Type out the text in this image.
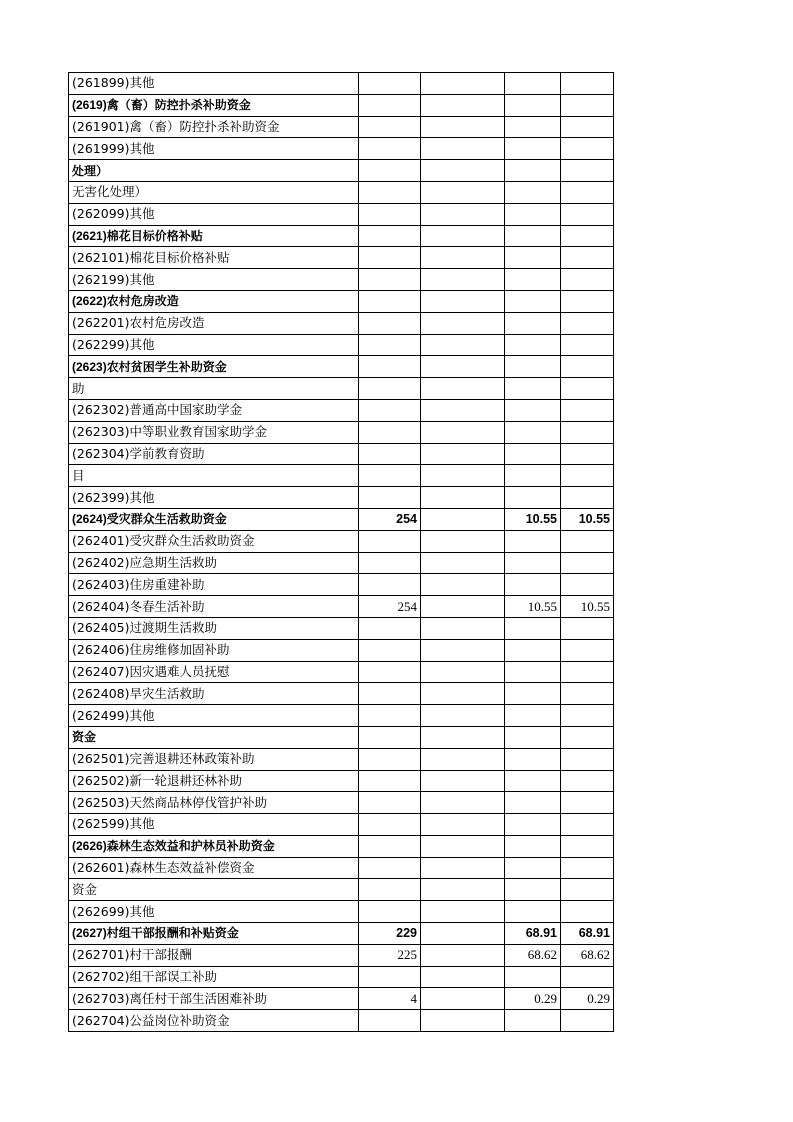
(261899)其他				
(2619)禽（畜）防控扑杀补助资金				
(261901)禽（畜）防控扑杀补助资金				
(261999)其他				
处理）				
无害化处理）				
(262099)其他				
(2621)棉花目标价格补贴				
(262101)棉花目标价格补贴				
(262199)其他				
(2622)农村危房改造				
(262201)农村危房改造				
(262299)其他				
(2623)农村贫困学生补助资金				
助				
(262302)普通高中国家助学金				
(262303)中等职业教育国家助学金				
(262304)学前教育资助				
目				
(262399)其他				
(2624)受灾群众生活救助资金	254		10.55	10.55
(262401)受灾群众生活救助资金				
(262402)应急期生活救助				
(262403)住房重建补助				
(262404)冬春生活补助	254		10.55	10.55
(262405)过渡期生活救助				
(262406)住房维修加固补助				
(262407)因灾遇难人员抚慰				
(262408)旱灾生活救助				
(262499)其他				
资金				
(262501)完善退耕还林政策补助				
(262502)新一轮退耕还林补助				
(262503)天然商品林停伐管护补助				
(262599)其他				
(2626)森林生态效益和护林员补助资金				
(262601)森林生态效益补偿资金				
资金				
(262699)其他				
(2627)村组干部报酬和补贴资金	229		68.91	68.91
(262701)村干部报酬	225		68.62	68.62
(262702)组干部误工补助				
(262703)离任村干部生活困难补助	4		0.29	0.29
(262704)公益岗位补助资金				
